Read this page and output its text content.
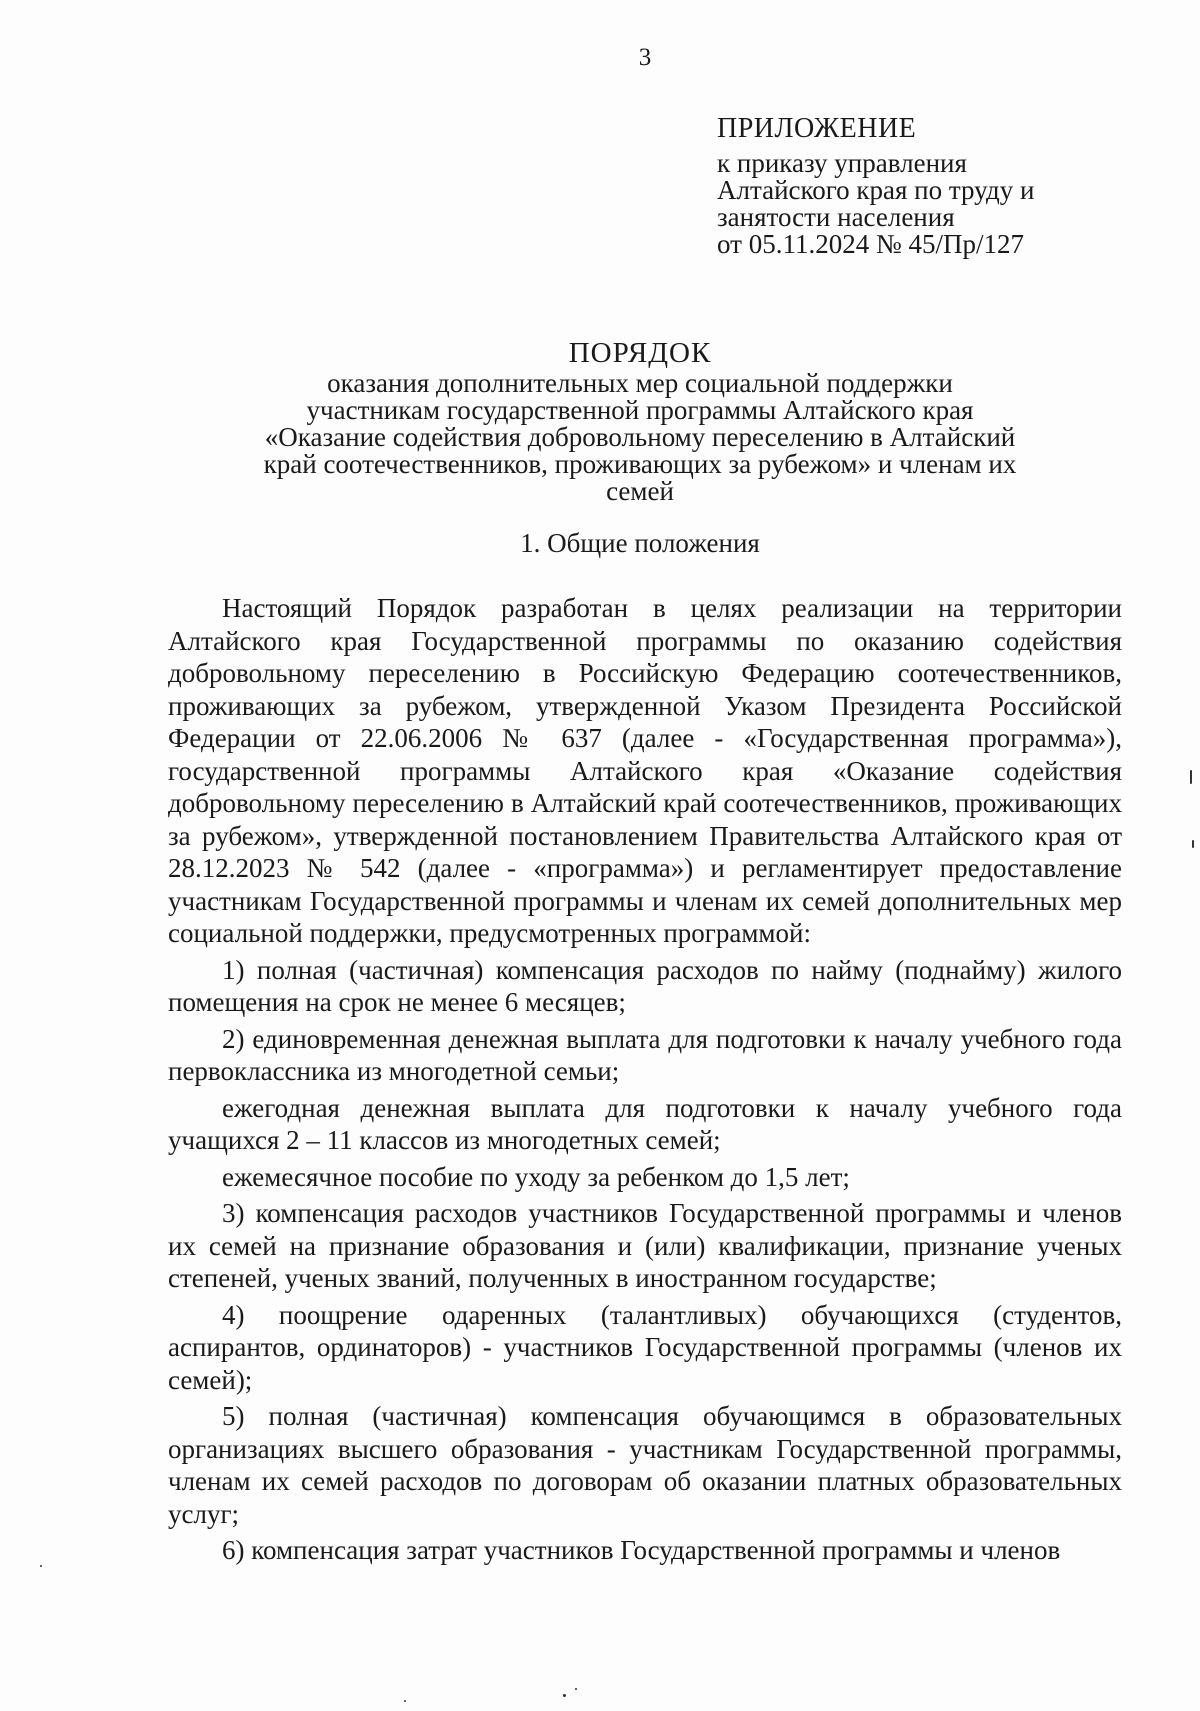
3
ПРИЛОЖЕНИЕ
к приказу управления
Алтайского края по труду и
занятости населения
от 05.11.2024 № 45/Пр/127
ПОРЯДОК
оказания дополнительных мер социальной поддержки
участникам государственной программы Алтайского края
«Оказание содействия добровольному переселению в Алтайский
край соотечественников, проживающих за рубежом» и членам их
семей
1. Общие положения

Настоящий Порядок разработан в целях реализации на территории Алтайского края Государственной программы по оказанию содействия добровольному переселению в Российскую Федерацию соотечественников, проживающих за рубежом, утвержденной Указом Президента Российской Федерации от 22.06.2006 № 637 (далее - «Государственная программа»), государственной программы Алтайского края «Оказание содействия добровольному переселению в Алтайский край соотечественников, проживающих за рубежом», утвержденной постановлением Правительства Алтайского края от 28.12.2023 № 542 (далее - «программа») и регламентирует предоставление участникам Государственной программы и членам их семей дополнительных мер социальной поддержки, предусмотренных программой:

1) полная (частичная) компенсация расходов по найму (поднайму) жилого помещения на срок не менее 6 месяцев;

2) единовременная денежная выплата для подготовки к началу учебного года первоклассника из многодетной семьи;

ежегодная денежная выплата для подготовки к началу учебного года учащихся 2 – 11 классов из многодетных семей;

ежемесячное пособие по уходу за ребенком до 1,5 лет;

3) компенсация расходов участников Государственной программы и членов их семей на признание образования и (или) квалификации, признание ученых степеней, ученых званий, полученных в иностранном государстве;

4) поощрение одаренных (талантливых) обучающихся (студентов, аспирантов, ординаторов) - участников Государственной программы (членов их семей);

5) полная (частичная) компенсация обучающимся в образовательных организациях высшего образования - участникам Государственной программы, членам их семей расходов по договорам об оказании платных образовательных услуг;

6) компенсация затрат участников Государственной программы и членов
